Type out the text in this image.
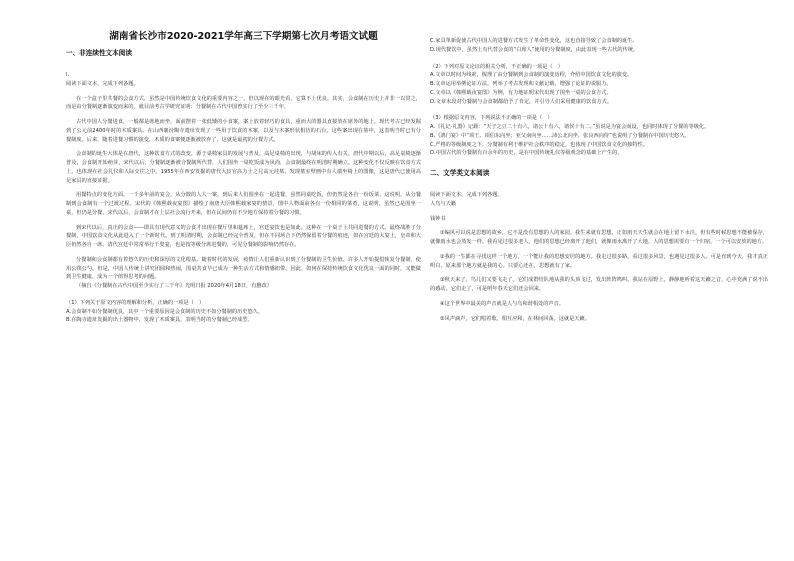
湖南省长沙市2020-2021学年高三下学期第七次月考语文试题
一、非连续性文本阅读

I.

阅读下面文本，完成下列各题。

在一个盒子里共餐的会食方式，虽然是中国传统饮食文化的重要内容之一，但以现在的眼光看，它算不上优良。其实，会食制在历史上并非一以贯之，而是由分餐制逐渐演变而来的。就目前考古学研究证明：分餐制在古代中国曾实行了至少三千年。

古代中国人分餐进食，一般都是席地而坐，面前摆着一张低矮的小食案，案上放着轻巧的食具，重而大的器具直接放在席外的地上。现代考古已经发掘到了公元前2400年时的木质案具。在山西襄汾陶寺遗址发现了一些用于饮食的木案，以及与木案形状相仿的石台，这些案出现在墓中，这表明当时已有分餐制度。后来，随着进餐习惯的演变，木质的食案便逐渐被放弃了，这就是最初的分餐方式。

会食制的诞生大体是在唐代，这种饮食方式的改变，源于桌椅家具的发展与普及。高足桌椅的出现，与胡床的传入有关。唐代中期以后，高足桌椅逐渐普及，会食制开始萌芽，宋代以后，分餐制逐渐被合餐制所代替，人们围坐一桌吃饭成为风尚，会食制最终在明清时期确立。这种变化不仅反映在饮食方式上，也体现在社会礼仪和人际交往之中。1955年在西安发掘的唐代大宦官高力士之兄高元珪墓，发现墓室壁画中有人端坐椅上的图像，这是唐代已使用高足家具的直接证据。

用餐特点的变化方面。一千多年前的宴会，从分散的人人一案，到后来人们围坐在一起进餐，虽然同桌吃饭，但仍然是各自一份饭菜，这说明，从分餐制到会食制有一个过渡过程。宋代的《韩熙载夜宴图》描绘了南唐大臣韩熙载家宴的情景，图中人物面前各有一份相同的菜肴。这说明，虽然已是围坐一桌，但仍是分餐。宋代以后，会食制才在上层社会流行开来，但在民间仍有不少地方保持着分餐的习惯。

到宋代以后，真正的会食——即具有现代意义的会食才出现在餐厅里和筵席上，宫廷宴饮也是如此。这种在一个桌子上共同进餐的方式，最终战胜了分餐制，中国饮食文化从此进入了一个新时代。到了明清时期，会食制已经完全普及，但在不同场合下仍然保留着分餐的痕迹，如在宫廷的大宴上，皇帝和大臣仍然各自一席。清代宫廷中常常举行千叟宴，也是按等级分席进餐的，可见分餐制的影响仍然存在。

分餐制和会食制都有着悠久的历史和深厚的文化根基。随着时代的发展，疫情让人们重新认识到了分餐制的卫生价值，许多人开始提倡恢复分餐制，使用公筷公勺。但是，中国人传统上讲究团圆和热闹，围桌共食早已成为一种生活方式和情感纽带。因此，如何在保持传统饮食文化优良一面的同时，又能做到卫生健康，成为一个值得思考的问题。

（摘自《分餐制在古代中国至少实行了三千年》光明日报 2020年4月18日，有删改）

（1）下列关于原文内容的理解和分析，正确的一项是（　）

A.会食制不如分餐制优良，其中一个重要原因是会食制的历史不如分餐制的历史悠久。

B.在陶寺遗址发掘的出土器物中，发现了木质案具，表明当时的分餐制已经成型。

C.家具革新促使古代中国人的进餐方式发生了革命性变化，这也直接导致了会食制的诞生。

D.现代餐饮中，虽然上有代替会食的“白席人”使用的分餐制度，由此表现一些古代的传统。

（2）下列对原文论证的相关分析，不正确的一项是（　）

A.文章以时间为线索，梳理了由分餐制到会食制的演变历程，介绍中国饮食文化的演变。

B.文章运用举例论证方法，列举了考古发现和文献记载，增强了论证的说服力。

C.文章以《韩熙载夜宴图》为例，有力地证明宋代出现了围坐一桌的会食方式。

D.文章末段对分餐制与会食制都给予了肯定，并引导人们采用健康的饮食方式。

（3）根据原文内容，下列说法不正确的一项是（　）

A.《礼记·礼器》记载：“天子之豆二十有六，诸公十有六，诸侯十有二。”虽说是为宴会而设，也同时体现了分餐的等级化。

B.《鸿门宴》中“项王、项伯东向坐；亚父南向坐……沛公北向坐，张良西向侍”也说明了分餐制在中国历史悠久。

C.严格的等级制度之下，分餐制有利于维护社会秩序的稳定，也体现了中国饮食文化的独特性。

D.中国古代的分餐制有百余年的历史，是在中国传统礼仪等级观念的基础上产生的。

二、文学类文本阅读

阅读下面文本，完成下列各题。

人鸟与天籁

钱钟书

①编风可以说是思想的故乡，它不是没有思想的人的家园。我生来就有思想，正如雨天天生就会在地上留下水洼。但有些时候思想不能被保存，就像雨水也会蒸发一样。我看见过很多老人，他们的思想已经离开了他们，就像雨水离开了大地。人的思想需要有一个归宿，一个可以安放的地方。

②我的一生都在寻找这样一个地方，一个能让我的思想安居的地方。我走过很多路，看过很多风景，也遇见过很多人。可是直到今天，我才真正明白，原来那个地方就是我的心。只要心还在，思想就有了家。

③秋天来了，鸟儿们又要飞走了。它们成群结队地从我的头顶飞过，发出阵阵鸣叫。我站在原野上，静静地听着这天籁之音，心中充满了说不出的感动。它们走了，可是明年春天它们还会回来。

④这个世界中最美的声音就是人与鸟和谐相处的声音。

⑤风声滴声，它们唱着歌，相互应和，在林间回荡。这就是天籁。
